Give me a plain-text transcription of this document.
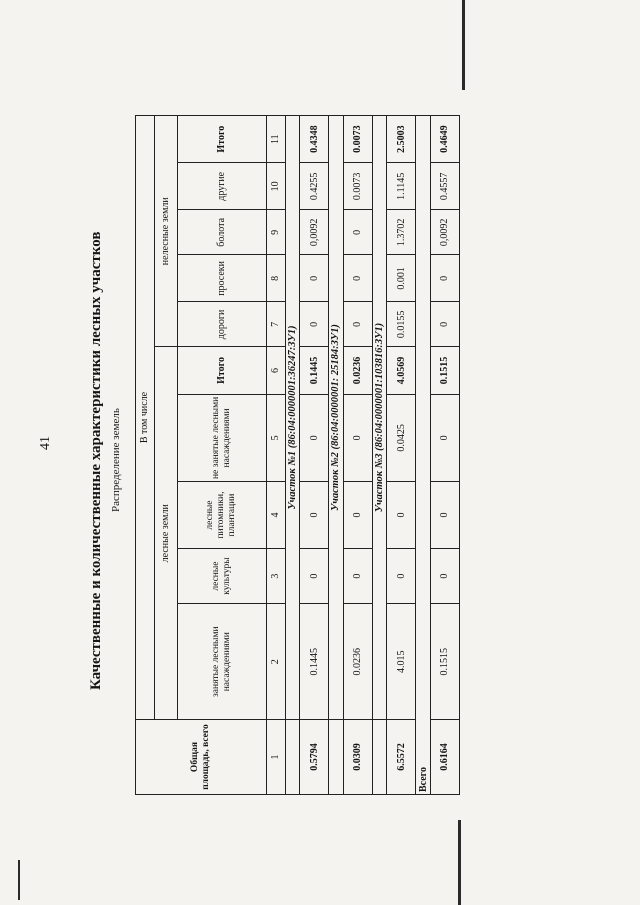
41 Качественные и количественные характеристики лесных участков Распределение земель
Общая площадь, всего	В том числе									
	лесные земли					нелесные земли				
	занятые лесными насаждениями	лесные культуры	лесные питомники, плантации	не занятые лесными насаждениями	Итого	дороги	просеки	болота	другие	Итого
1	2	3	4	5	6	7	8	9	10	11
	Участок №1 (86:04:0000001:36247:ЗУ1)									
0.5794	0.1445	0	0	0	0.1445	0	0	0,0092	0.4255	0.4348
	Участок №2 (86:04:0000001: 25184:ЗУ1)									
0.0309	0.0236	0	0	0	0.0236	0	0	0	0.0073	0.0073
	Участок №3 (86:04:0000001:103816:ЗУ1)									
6.5572	4.015	0	0	0.0425	4.0569	0.0155	0.001	1.3702	1.1145	2.5003
Всего										
0.6164	0.1515	0	0	0	0.1515	0	0	0,0092	0.4557	0.4649
